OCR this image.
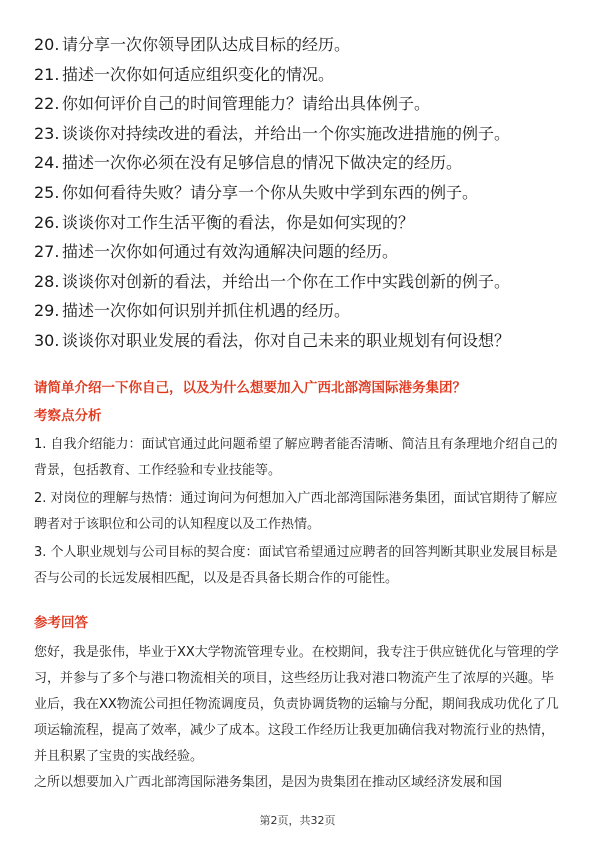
20. 请分享一次你领导团队达成目标的经历。
21. 描述一次你如何适应组织变化的情况。
22. 你如何评价自己的时间管理能力？请给出具体例子。
23. 谈谈你对持续改进的看法，并给出一个你实施改进措施的例子。
24. 描述一次你必须在没有足够信息的情况下做决定的经历。
25. 你如何看待失败？请分享一个你从失败中学到东西的例子。
26. 谈谈你对工作生活平衡的看法，你是如何实现的？
27. 描述一次你如何通过有效沟通解决问题的经历。
28. 谈谈你对创新的看法，并给出一个你在工作中实践创新的例子。
29. 描述一次你如何识别并抓住机遇的经历。
30. 谈谈你对职业发展的看法，你对自己未来的职业规划有何设想？
请简单介绍一下你自己，以及为什么想要加入广西北部湾国际港务集团？
考察点分析

1. 自我介绍能力：面试官通过此问题希望了解应聘者能否清晰、简洁且有条理地介绍自己的背景，包括教育、工作经验和专业技能等。

2. 对岗位的理解与热情：通过询问为何想加入广西北部湾国际港务集团，面试官期待了解应聘者对于该职位和公司的认知程度以及工作热情。

3. 个人职业规划与公司目标的契合度：面试官希望通过应聘者的回答判断其职业发展目标是否与公司的长远发展相匹配，以及是否具备长期合作的可能性。

参考回答

您好，我是张伟，毕业于XX大学物流管理专业。在校期间，我专注于供应链优化与管理的学习，并参与了多个与港口物流相关的项目，这些经历让我对港口物流产生了浓厚的兴趣。毕业后，我在XX物流公司担任物流调度员，负责协调货物的运输与分配，期间我成功优化了几项运输流程，提高了效率，减少了成本。这段工作经历让我更加确信我对物流行业的热情，并且积累了宝贵的实战经验。

之所以想要加入广西北部湾国际港务集团，是因为贵集团在推动区域经济发展和国

第2页，共32页
